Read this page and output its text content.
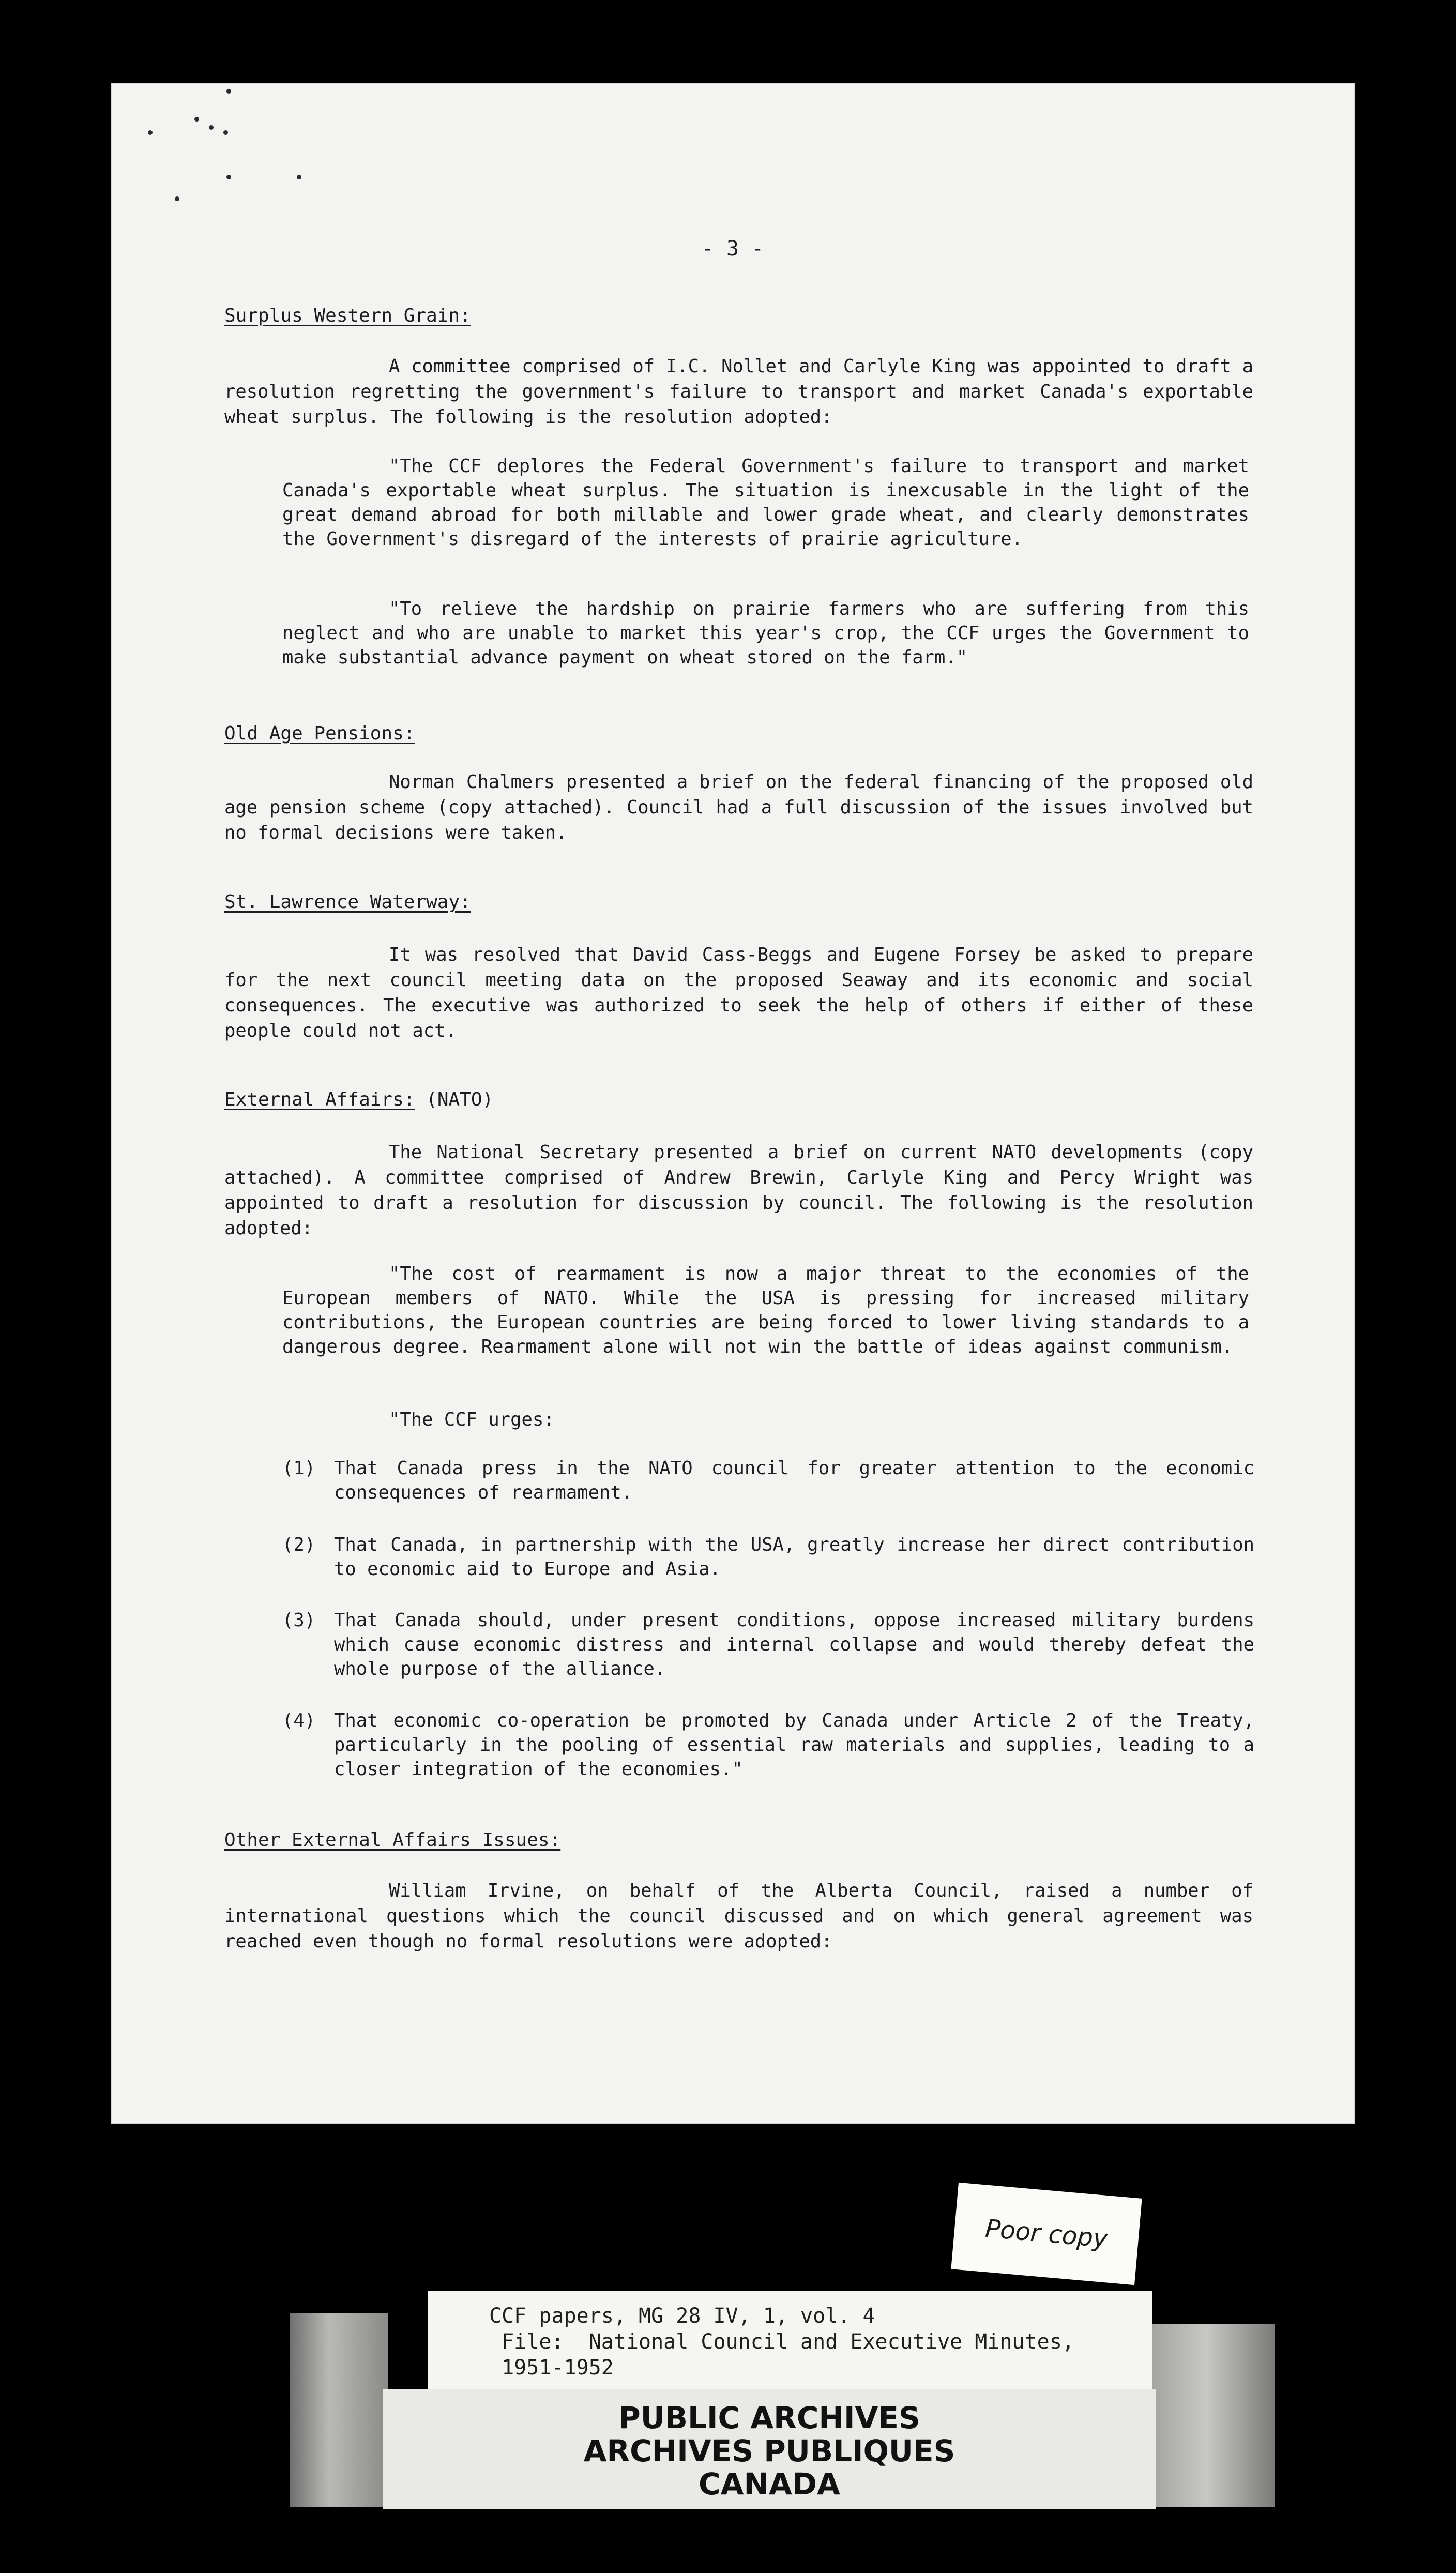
- 3 -
Surplus Western Grain:
A committee comprised of I.C. Nollet and Carlyle King was appointed to draft a resolution regretting the government's failure to transport and market Canada's exportable wheat surplus. The following is the resolution adopted:
"The CCF deplores the Federal Government's failure to transport and market Canada's exportable wheat surplus. The situation is inexcusable in the light of the great demand abroad for both millable and lower grade wheat, and clearly demonstrates the Government's disregard of the interests of prairie agriculture.
"To relieve the hardship on prairie farmers who are suffering from this neglect and who are unable to market this year's crop, the CCF urges the Government to make substantial advance payment on wheat stored on the farm."
Old Age Pensions:
Norman Chalmers presented a brief on the federal financing of the proposed old age pension scheme (copy attached). Council had a full discussion of the issues involved but no formal decisions were taken.
St. Lawrence Waterway:
It was resolved that David Cass-Beggs and Eugene Forsey be asked to prepare for the next council meeting data on the proposed Seaway and its economic and social consequences. The executive was authorized to seek the help of others if either of these people could not act.
External Affairs: (NATO)
The National Secretary presented a brief on current NATO developments (copy attached). A committee comprised of Andrew Brewin, Carlyle King and Percy Wright was appointed to draft a resolution for discussion by council. The following is the resolution adopted:
"The cost of rearmament is now a major threat to the economies of the European members of NATO. While the USA is pressing for increased military contributions, the European countries are being forced to lower living standards to a dangerous degree. Rearmament alone will not win the battle of ideas against communism.
"The CCF urges:
(1) That Canada press in the NATO council for greater attention to the economic consequences of rearmament.
(2) That Canada, in partnership with the USA, greatly increase her direct contribution to economic aid to Europe and Asia.
(3) That Canada should, under present conditions, oppose increased military burdens which cause economic distress and internal collapse and would thereby defeat the whole purpose of the alliance.
(4) That economic co-operation be promoted by Canada under Article 2 of the Treaty, particularly in the pooling of essential raw materials and supplies, leading to a closer integration of the economies."
Other External Affairs Issues:
William Irvine, on behalf of the Alberta Council, raised a number of international questions which the council discussed and on which general agreement was reached even though no formal resolutions were adopted:
Poor copy
CCF papers, MG 28 IV, 1, vol. 4
File:  National Council and Executive Minutes,
1951-1952
PUBLIC ARCHIVES
ARCHIVES PUBLIQUES
CANADA
